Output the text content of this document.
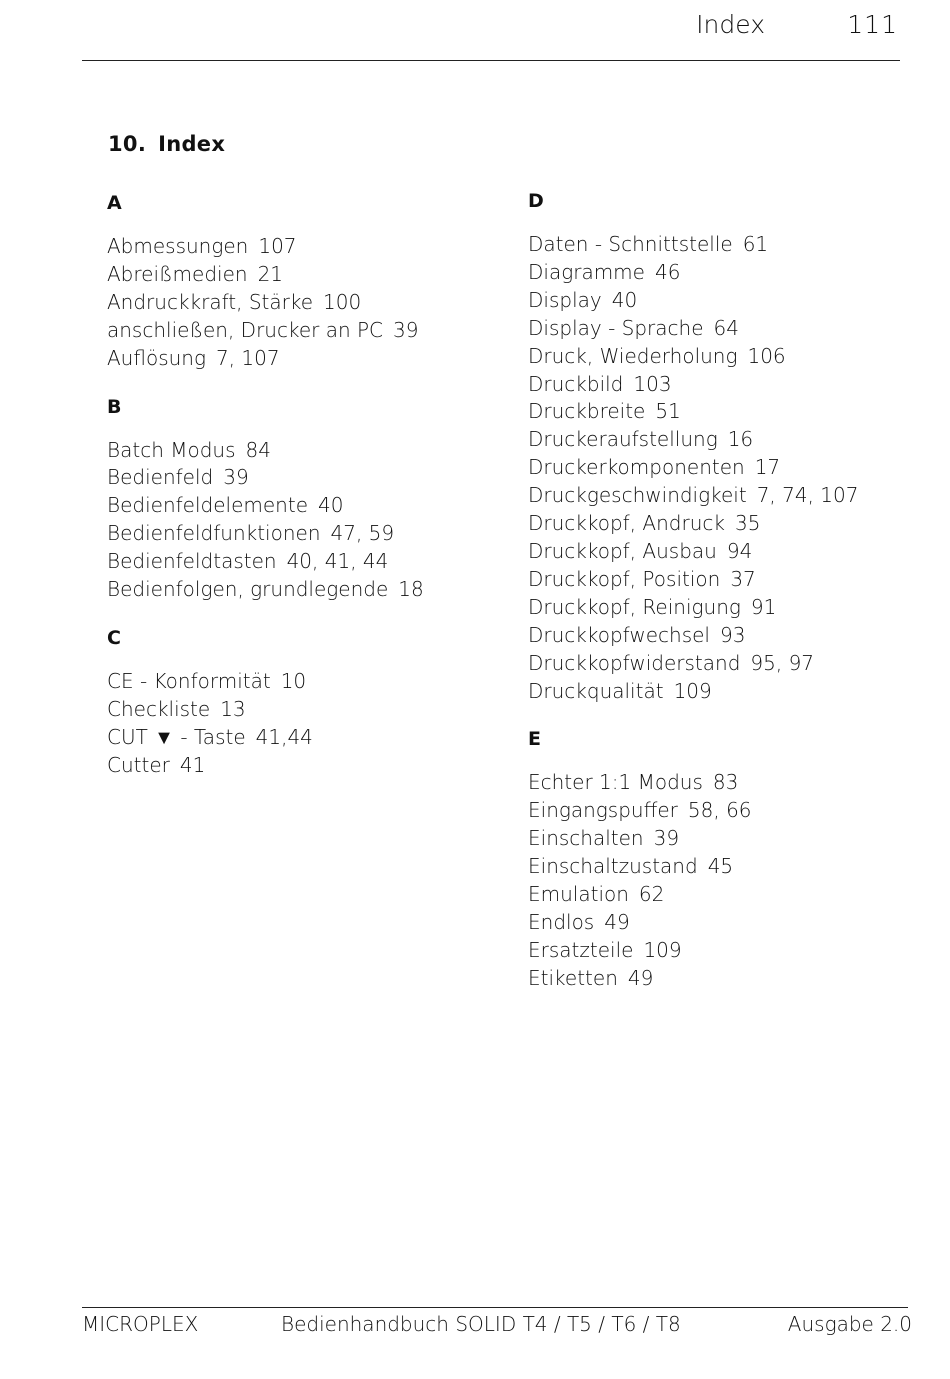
Index	111
10. Index
A
Abmessungen 107
Abreißmedien 21
Andruckkraft, Stärke 100
anschließen, Drucker an PC 39
Auflösung 7, 107
B
Batch Modus 84
Bedienfeld 39
Bedienfeldelemente 40
Bedienfeldfunktionen 47, 59
Bedienfeldtasten 40, 41, 44
Bedienfolgen, grundlegende 18
C
CE - Konformität 10
Checkliste 13
CUT ▼ - Taste 41,44
Cutter 41
D
Daten - Schnittstelle 61
Diagramme 46
Display 40
Display - Sprache 64
Druck, Wiederholung 106
Druckbild 103
Druckbreite 51
Druckeraufstellung 16
Druckerkomponenten 17
Druckgeschwindigkeit 7, 74, 107
Druckkopf, Andruck 35
Druckkopf, Ausbau 94
Druckkopf, Position 37
Druckkopf, Reinigung 91
Druckkopfwechsel 93
Druckkopfwiderstand 95, 97
Druckqualität 109
E
Echter 1:1 Modus 83
Eingangspuffer 58, 66
Einschalten 39
Einschaltzustand 45
Emulation 62
Endlos 49
Ersatzteile 109
Etiketten 49
MICROPLEX	Bedienhandbuch SOLID T4 / T5 / T6 / T8	Ausgabe 2.0
